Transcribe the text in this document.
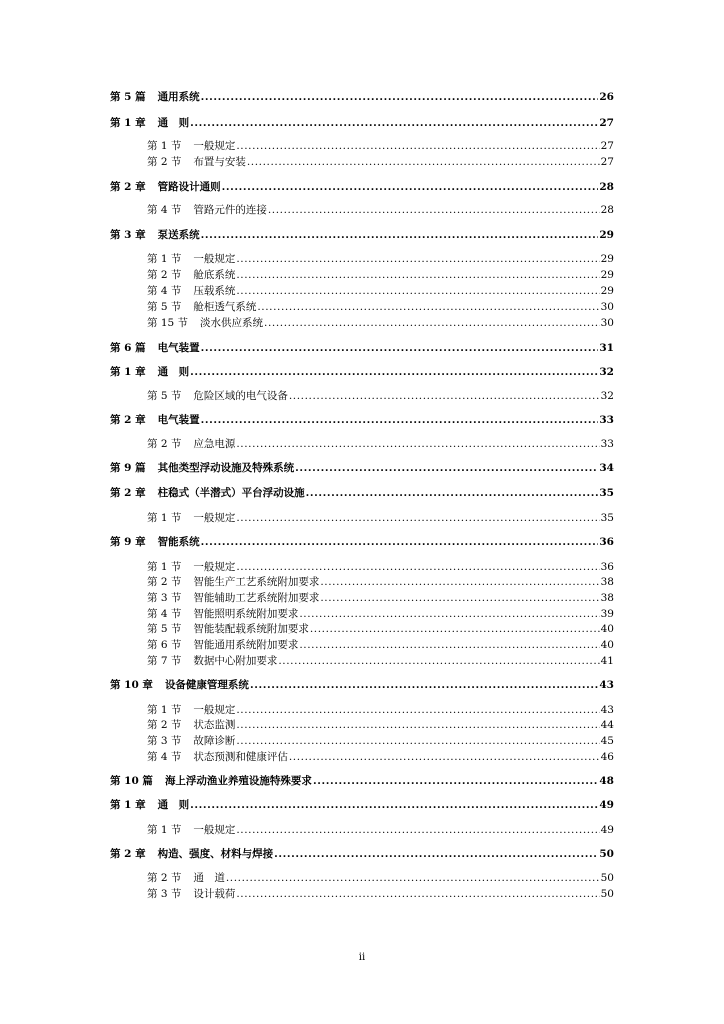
第 5 篇 通用系统 .....	26
第 1 章 通　则 .....	27
第 1 节 一般规定 .....	27
第 2 节 布置与安装 .....	27
第 2 章 管路设计通则 .....	28
第 4 节 管路元件的连接 .....	28
第 3 章 泵送系统 .....	29
第 1 节 一般规定 .....	29
第 2 节 舱底系统 .....	29
第 4 节 压载系统 .....	29
第 5 节 舱柜透气系统 .....	30
第 15 节 淡水供应系统 .....	30
第 6 篇 电气装置 .....	31
第 1 章 通　则 .....	32
第 5 节 危险区域的电气设备 .....	32
第 2 章 电气装置 .....	33
第 2 节 应急电源 .....	33
第 9 篇 其他类型浮动设施及特殊系统 .....	34
第 2 章 柱稳式（半潜式）平台浮动设施 .....	35
第 1 节 一般规定 .....	35
第 9 章 智能系统 .....	36
第 1 节 一般规定 .....	36
第 2 节 智能生产工艺系统附加要求 .....	38
第 3 节 智能辅助工艺系统附加要求 .....	38
第 4 节 智能照明系统附加要求 .....	39
第 5 节 智能装配载系统附加要求 .....	40
第 6 节 智能通用系统附加要求 .....	40
第 7 节 数据中心附加要求 .....	41
第 10 章 设备健康管理系统 .....	43
第 1 节 一般规定 .....	43
第 2 节 状态监测 .....	44
第 3 节 故障诊断 .....	45
第 4 节 状态预测和健康评估 .....	46
第 10 篇 海上浮动渔业养殖设施特殊要求 .....	48
第 1 章 通　则 .....	49
第 1 节 一般规定 .....	49
第 2 章 构造、强度、材料与焊接 .....	50
第 2 节 通　道 .....	50
第 3 节 设计载荷 .....	50
ii
